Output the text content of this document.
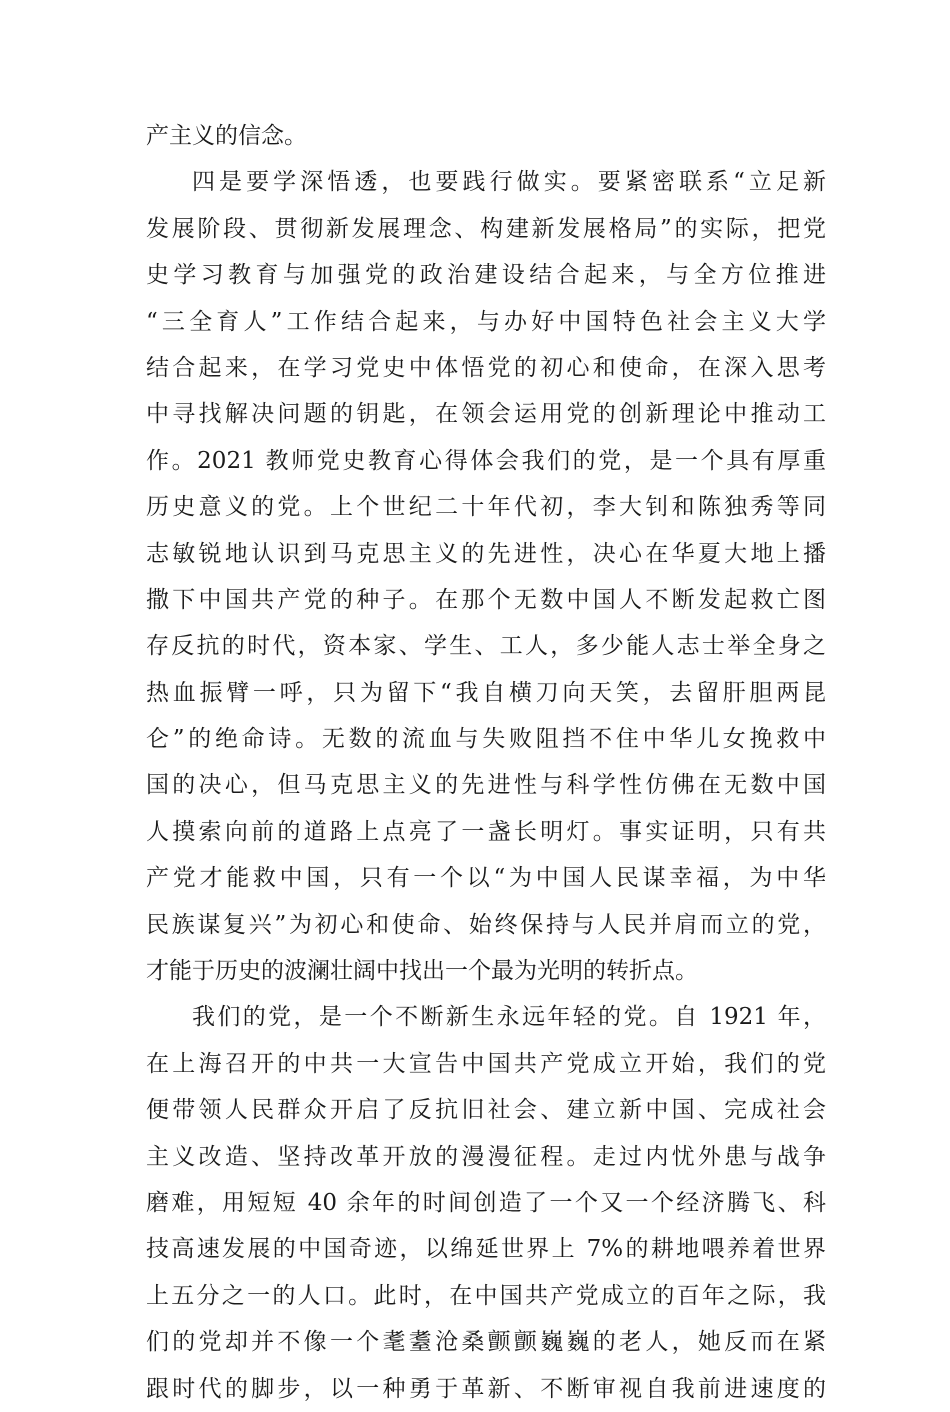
产主义的信念。
四是要学深悟透，也要践行做实。要紧密联系“立足新
发展阶段、贯彻新发展理念、构建新发展格局”的实际，把党
史学习教育与加强党的政治建设结合起来，与全方位推进
“三全育人”工作结合起来，与办好中国特色社会主义大学
结合起来，在学习党史中体悟党的初心和使命，在深入思考
中寻找解决问题的钥匙，在领会运用党的创新理论中推动工
作。2021 教师党史教育心得体会我们的党，是一个具有厚重
历史意义的党。上个世纪二十年代初，李大钊和陈独秀等同
志敏锐地认识到马克思主义的先进性，决心在华夏大地上播
撒下中国共产党的种子。在那个无数中国人不断发起救亡图
存反抗的时代，资本家、学生、工人，多少能人志士举全身之
热血振臂一呼，只为留下“我自横刀向天笑，去留肝胆两昆
仑”的绝命诗。无数的流血与失败阻挡不住中华儿女挽救中
国的决心，但马克思主义的先进性与科学性仿佛在无数中国
人摸索向前的道路上点亮了一盏长明灯。事实证明，只有共
产党才能救中国，只有一个以“为中国人民谋幸福，为中华
民族谋复兴”为初心和使命、始终保持与人民并肩而立的党，
才能于历史的波澜壮阔中找出一个最为光明的转折点。
我们的党，是一个不断新生永远年轻的党。自 1921 年，
在上海召开的中共一大宣告中国共产党成立开始，我们的党
便带领人民群众开启了反抗旧社会、建立新中国、完成社会
主义改造、坚持改革开放的漫漫征程。走过内忧外患与战争
磨难，用短短 40 余年的时间创造了一个又一个经济腾飞、科
技高速发展的中国奇迹，以绵延世界上 7%的耕地喂养着世界
上五分之一的人口。此时，在中国共产党成立的百年之际，我
们的党却并不像一个耄耋沧桑颤颤巍巍的老人，她反而在紧
跟时代的脚步，以一种勇于革新、不断审视自我前进速度的
